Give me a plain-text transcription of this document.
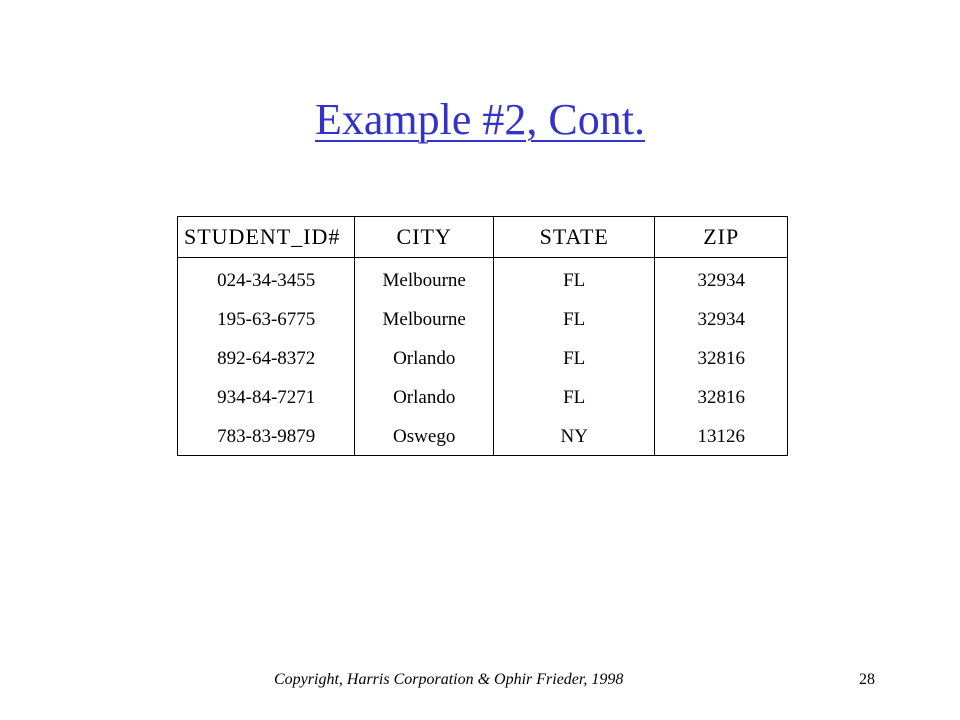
Example #2, Cont.
STUDENT_ID#
024-34-3455
195-63-6775
892-64-8372
934-84-7271
783-83-9879
CITY
Melbourne
Melbourne
Orlando
Orlando
Oswego
STATE
FL
FL
FL
FL
NY
ZIP
32934
32934
32816
32816
13126
Copyright, Harris Corporation & Ophir Frieder, 1998	28
